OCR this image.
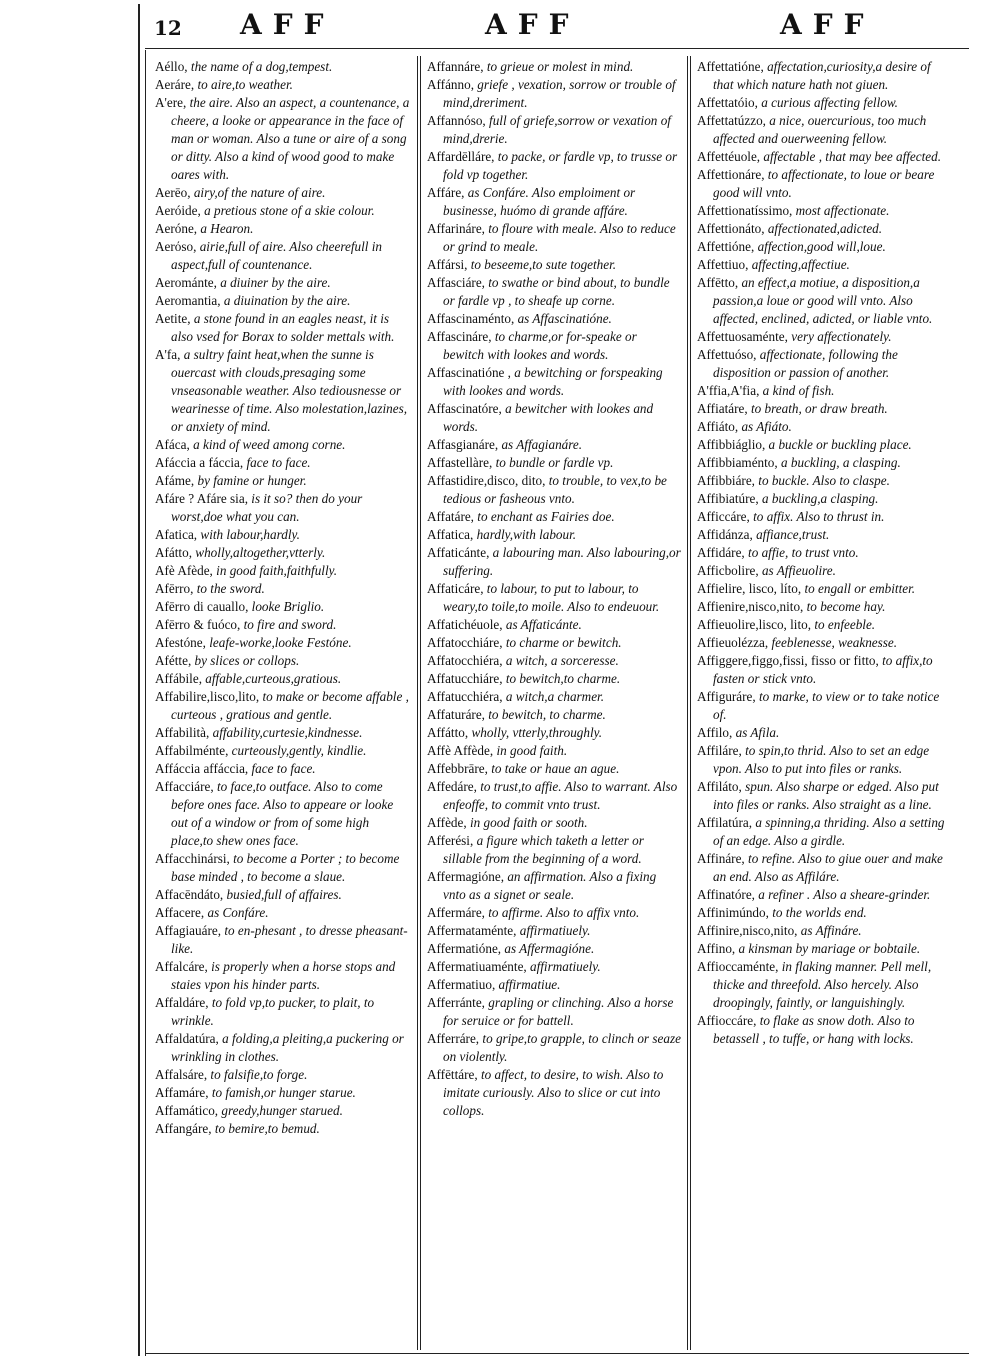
12 AFF	AFF	AFF

Aéllo, the name of a dog,tempest.

Aeráre, to aire,to weather.

A'ere, the aire. Also an aspect, a countenance, a cheere, a looke or appearance in the face of man or woman. Also a tune or aire of a song or ditty. Also a kind of wood good to make oares with.

Aerēo, airy,of the nature of aire.

Aeróide, a pretious stone of a skie colour.

Aeróne, a Hearon.

Aerόso, airie,full of aire. Also cheerefull in aspect,full of countenance.

Aerománte, a diuiner by the aire.

Aeromantia, a diuination by the aire.

Aetite, a stone found in an eagles neast, it is also vsed for Borax to solder mettals with.

A'fa, a sultry faint heat,when the sunne is ouercast with clouds,presaging some vnseasonable weather. Also tediousnesse or wearinesse of time. Also molestation,lazines, or anxiety of mind.

Afáca, a kind of weed among corne.

Afáccia a fáccia, face to face.

Afáme, by famine or hunger.

Afáre ? Afáre sia, is it so? then do your worst,doe what you can.

Afatica, with labour,hardly.

Afátto, wholly,altogether,vtterly.

Afè Afède, in good faith,faithfully.

Afērro, to the sword.

Afērro di cauallo, looke Briglio.

Afērro & fuóco, to fire and sword.

Afestóne, leafe-worke,looke Festóne.

Afétte, by slices or collops.

Affábile, affable,curteous,gratious.

Affabilire,lisco,lito, to make or become affable , curteous , gratious and gentle.

Affabilità, affability,curtesie,kindnesse.

Affabilménte, curteously,gently, kindlie.

Affáccia affáccia, face to face.

Affacciáre, to face,to outface. Also to come before ones face. Also to appeare or looke out of a window or from of some high place,to shew ones face.

Affacchinársi, to become a Porter ; to become base minded , to become a slaue.

Affacēndáto, busied,full of affaires.

Affacere, as Confáre.

Affagiauáre, to en-phesant , to dresse pheasant-like.

Affalcáre, is properly when a horse stops and staies vpon his hinder parts.

Affaldáre, to fold vp,to pucker, to plait, to wrinkle.

Affaldatúra, a folding,a pleiting,a puckering or wrinkling in clothes.

Affalsáre, to falsifie,to forge.

Affamáre, to famish,or hunger starue.

Affamático, greedy,hunger starued.

Affangáre, to bemire,to bemud.

Affannáre, to grieue or molest in mind.

Affánno, griefe , vexation, sorrow or trouble of mind,dreriment.

Affannóso, full of griefe,sorrow or vexation of mind,drerie.

Affardēlláre, to packe, or fardle vp, to trusse or fold vp together.

Affáre, as Confáre. Also emploiment or businesse, huómo di grande affáre.

Affarináre, to floure with meale. Also to reduce or grind to meale.

Affársi, to beseeme,to sute together.

Affasciáre, to swathe or bind about, to bundle or fardle vp , to sheafe up corne.

Affascinaménto, as Affascinatióne.

Affascináre, to charme,or for-speake or bewitch with lookes and words.

Affascinatióne , a bewitching or forspeaking with lookes and words.

Affascinatóre, a bewitcher with lookes and words.

Affasgianáre, as Affagianáre.

Affastellàre, to bundle or fardle vp.

Affastidire,disco, dito, to trouble, to vex,to be tedious or fasheous vnto.

Affatáre, to enchant as Fairies doe.

Affatica, hardly,with labour.

Affaticánte, a labouring man. Also labouring,or suffering.

Affaticáre, to labour, to put to labour, to weary,to toile,to moile. Also to endeuour.

Affatichéuole, as Affaticánte.

Affatocchiáre, to charme or bewitch.

Affatocchiéra, a witch, a sorceresse.

Affatucchiáre, to bewitch,to charme.

Affatucchiéra, a witch,a charmer.

Affaturáre, to bewitch, to charme.

Affátto, wholly, vtterly,throughly.

Affè Affède, in good faith.

Affebbrāre, to take or haue an ague.

Affedáre, to trust,to affie. Also to warrant. Also enfeoffe, to commit vnto trust.

Affède, in good faith or sooth.

Afferési, a figure which taketh a letter or sillable from the beginning of a word.

Affermagióne, an affirmation. Also a fixing vnto as a signet or seale.

Affermáre, to affirme. Also to affix vnto.

Affermataménte, affirmatiuely.

Affermatióne, as Affermagióne.

Affermatiuaménte, affirmatiuely.

Affermatiuo, affirmatiue.

Afferránte, grapling or clinching. Also a horse for seruice or for battell.

Afferráre, to gripe,to grapple, to clinch or seaze on violently.

Affēttáre, to affect, to desire, to wish. Also to imitate curiously. Also to slice or cut into collops.

Affettatióne, affectation,curiosity,a desire of that which nature hath not giuen.

Affettatóio, a curious affecting fellow.

Affettatúzzo, a nice, ouercurious, too much affected and ouerweening fellow.

Affettéuole, affectable , that may bee affected.

Affettionáre, to affectionate, to loue or beare good will vnto.

Affettionatíssimo, most affectionate.

Affettionáto, affectionated,adicted.

Affettióne, affection,good will,loue.

Affettiuo, affecting,affectiue.

Affētto, an effect,a motiue, a disposition,a passion,a loue or good will vnto. Also affected, enclined, adicted, or liable vnto.

Affettuosaménte, very affectionately.

Affettuóso, affectionate, following the disposition or passion of another.

A'ffia,A'fia, a kind of fish.

Affiatáre, to breath, or draw breath.

Affiáto, as Afiáto.

Affibbiáglio, a buckle or buckling place.

Affibbiaménto, a buckling, a clasping.

Affibbiáre, to buckle. Also to claspe.

Affibiatúre, a buckling,a clasping.

Afficcáre, to affix. Also to thrust in.

Affidánza, affiance,trust.

Affidáre, to affie, to trust vnto.

Afficbolire, as Affieuolire.

Affielire, lisco, líto, to engall or embitter.

Affienire,nisco,nito, to become hay.

Affieuolire,lisco, lito, to enfeeble.

Affieuolézza, feeblenesse, weaknesse.

Affiggere,figgo,fissi, fisso or fitto, to affix,to fasten or stick vnto.

Affiguráre, to marke, to view or to take notice of.

Affilo, as Afila.

Affiláre, to spin,to thrid. Also to set an edge vpon. Also to put into files or ranks.

Affiláto, spun. Also sharpe or edged. Also put into files or ranks. Also straight as a line.

Affilatúra, a spinning,a thriding. Also a setting of an edge. Also a girdle.

Affináre, to refine. Also to giue ouer and make an end. Also as Affiláre.

Affinatóre, a refiner . Also a sheare-grinder.

Affinimúndo, to the worlds end.

Affinire,nisco,nito, as Affináre.

Affino, a kinsman by mariage or bobtaile.

Affioccaménte, in flaking manner. Pell mell, thicke and threefold. Also hercely. Also droopingly, faintly, or languishingly.

Affioccáre, to flake as snow doth. Also to betassell , to tuffe, or hang with locks.
